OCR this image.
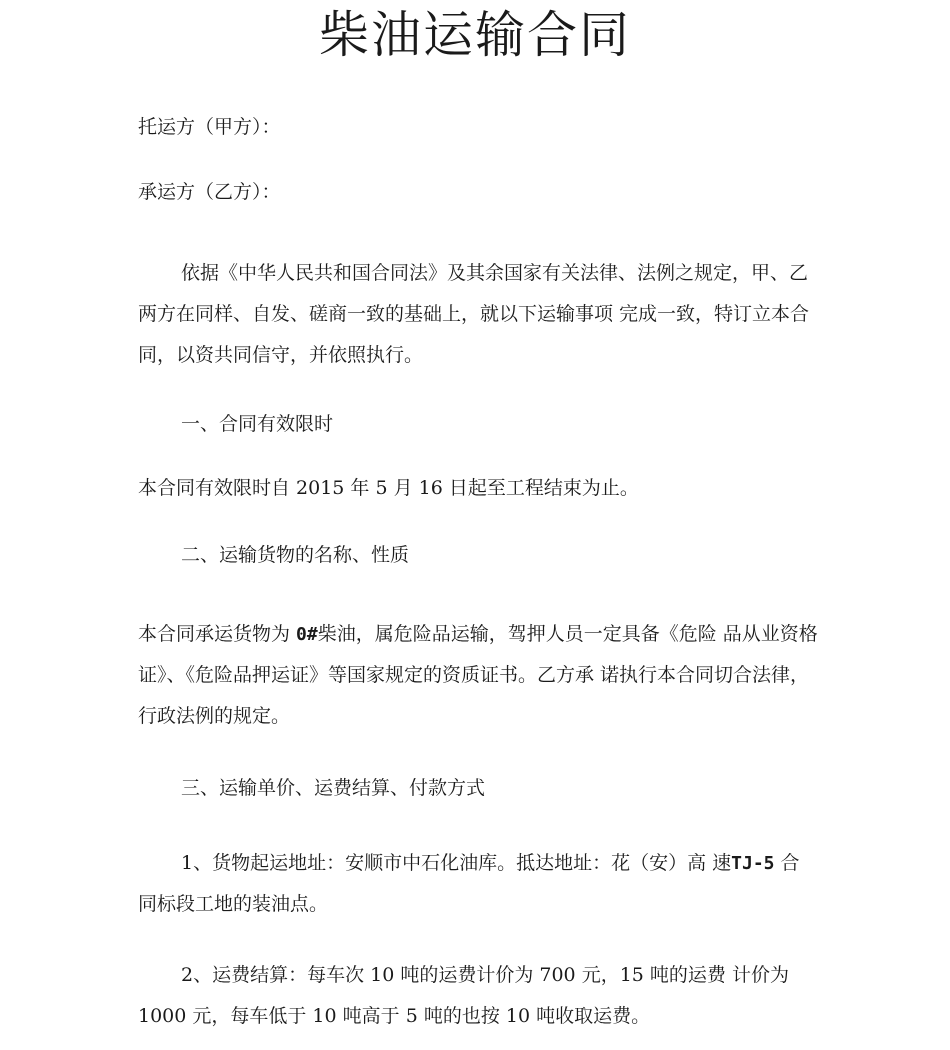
柴油运输合同

托运方（甲方）：

承运方（乙方）：

依据《中华人民共和国合同法》及其余国家有关法律、法例之规定，甲、乙两方在同样、自发、磋商一致的基础上，就以下运输事项 完成一致，特订立本合同，以资共同信守，并依照执行。

一、合同有效限时

本合同有效限时自 2015 年 5 月 16 日起至工程结束为止。

二、运输货物的名称、性质

本合同承运货物为 0#柴油，属危险品运输，驾押人员一定具备《危险 品从业资格证》、《危险品押运证》等国家规定的资质证书。乙方承 诺执行本合同切合法律，行政法例的规定。

三、运输单价、运费结算、付款方式

1、货物起运地址：安顺市中石化油库。抵达地址：花（安）高 速TJ-5 合同标段工地的装油点。

2、运费结算：每车次 10 吨的运费计价为 700 元，15 吨的运费 计价为 1000 元，每车低于 10 吨高于 5 吨的也按 10 吨收取运费。
